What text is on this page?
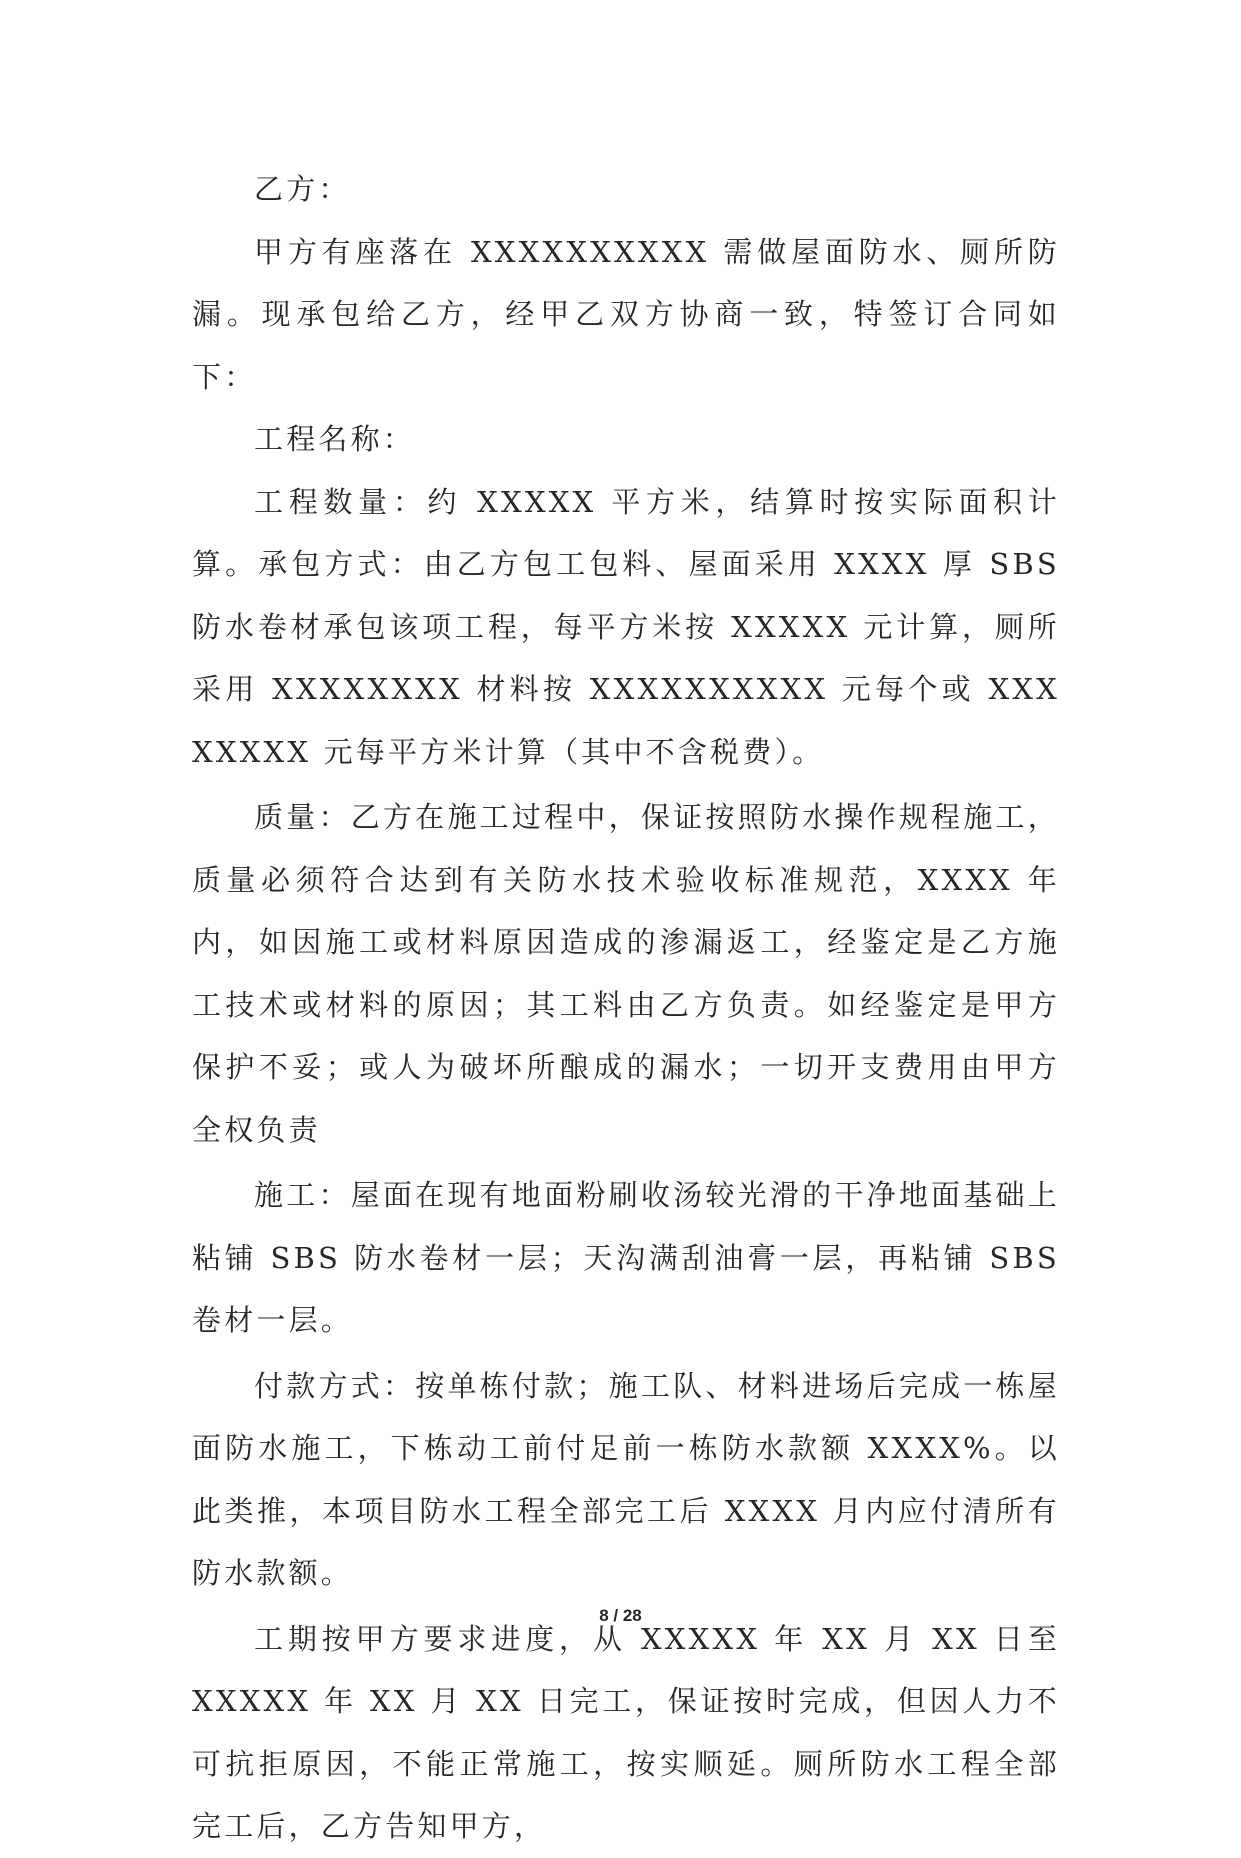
乙方：

甲方有座落在 XXXXXXXXXX 需做屋面防水、厕所防漏。现承包给乙方，经甲乙双方协商一致，特签订合同如下：

工程名称：

工程数量：约 XXXXX 平方米，结算时按实际面积计算。承包方式：由乙方包工包料、屋面采用 XXXX 厚 SBS 防水卷材承包该项工程，每平方米按 XXXXX 元计算，厕所采用 XXXXXXXX 材料按 XXXXXXXXXX 元每个或 XXXXXXXX 元每平方米计算（其中不含税费）。

质量：乙方在施工过程中，保证按照防水操作规程施工，质量必须符合达到有关防水技术验收标准规范，XXXX 年内，如因施工或材料原因造成的渗漏返工，经鉴定是乙方施工技术或材料的原因；其工料由乙方负责。如经鉴定是甲方保护不妥；或人为破坏所酿成的漏水；一切开支费用由甲方全权负责

施工：屋面在现有地面粉刷收汤较光滑的干净地面基础上粘铺 SBS 防水卷材一层；天沟满刮油膏一层，再粘铺 SBS 卷材一层。

付款方式：按单栋付款；施工队、材料进场后完成一栋屋面防水施工，下栋动工前付足前一栋防水款额 XXXX%。以此类推，本项目防水工程全部完工后 XXXX 月内应付清所有防水款额。

工期按甲方要求进度，从 XXXXX 年 XX 月 XX 日至 XXXXX 年 XX 月 XX 日完工，保证按时完成，但因人力不可抗拒原因，不能正常施工，按实顺延。厕所防水工程全部完工后，乙方告知甲方，

8 / 28
